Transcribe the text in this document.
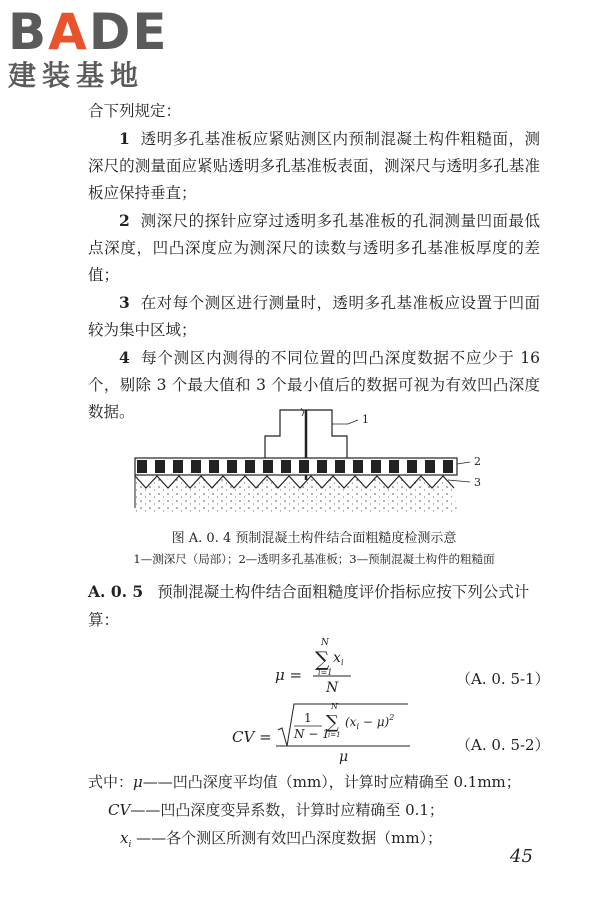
BADE
建装基地
合下列规定：
1 透明多孔基准板应紧贴测区内预制混凝土构件粗糙面，测深尺的测量面应紧贴透明多孔基准板表面，测深尺与透明多孔基准板应保持垂直；
2 测深尺的探针应穿过透明多孔基准板的孔洞测量凹面最低点深度，凹凸深度应为测深尺的读数与透明多孔基准板厚度的差值；
3 在对每个测区进行测量时，透明多孔基准板应设置于凹面较为集中区域；
4 每个测区内测得的不同位置的凹凸深度数据不应少于 16 个，剔除 3 个最大值和 3 个最小值后的数据可视为有效凹凸深度数据。	1
2
3
图 A. 0. 4 预制混凝土构件结合面粗糙度检测示意
1—测深尺（局部）；2—透明多孔基准板；3—预制混凝土构件的粗糙面
A. 0. 5 预制混凝土构件结合面粗糙度评价指标应按下列公式计算：
μ =
N
∑
i=1
x i
N	（A. 0. 5-1）
CV =
1
N − 1
N
∑
i=1
$(x_i - \mu)^2$
μ
（A. 0. 5-2）
式中：μ——凹凸深度平均值（mm），计算时应精确至 0.1mm；
CV——凹凸深度变异系数，计算时应精确至 0.1；
$x_i$ ——各个测区所测有效凹凸深度数据（mm）；
45
